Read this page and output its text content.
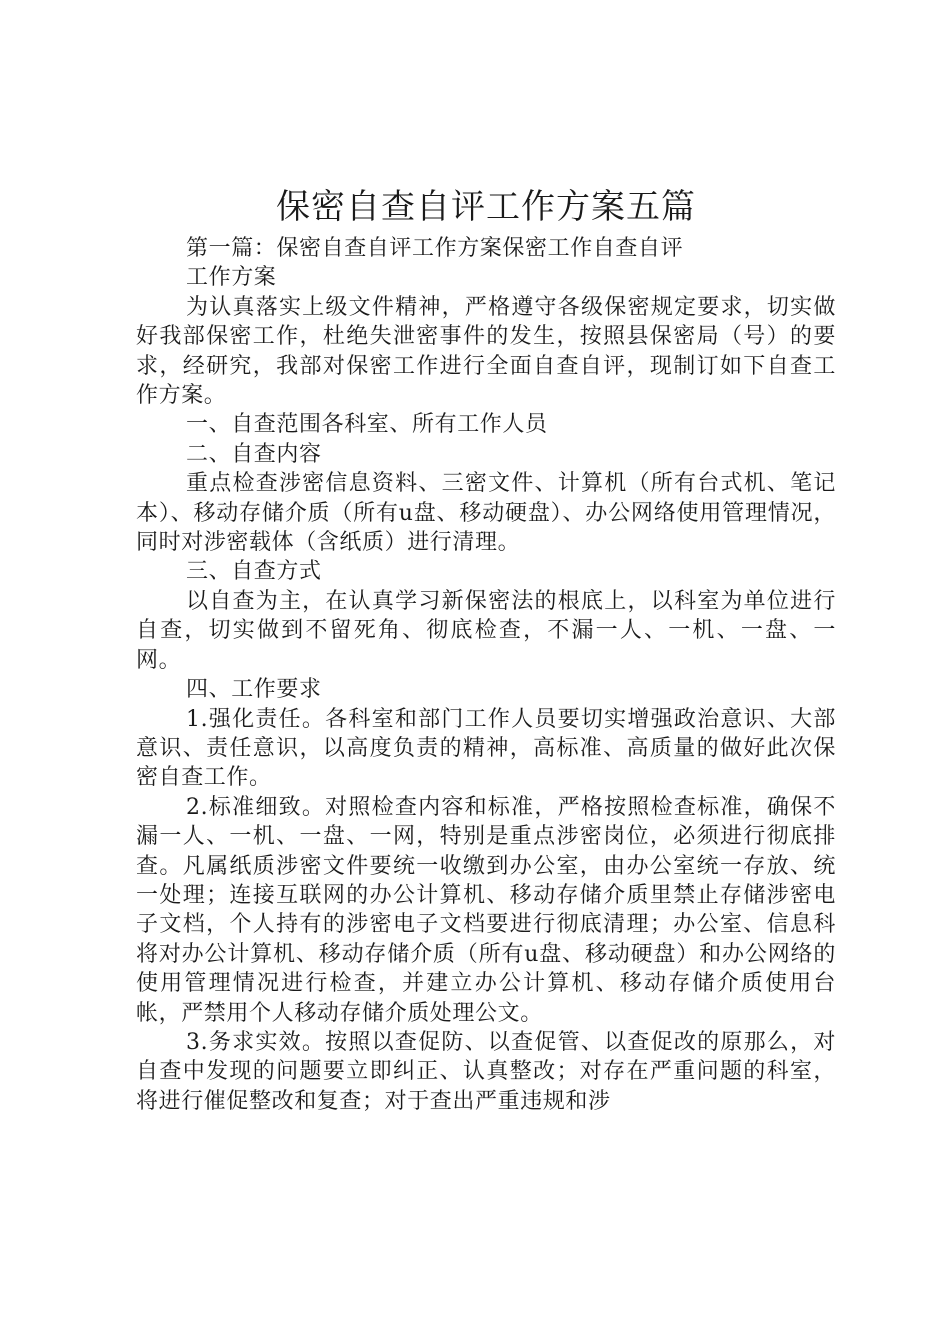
保密自查自评工作方案五篇

第一篇：保密自查自评工作方案保密工作自查自评

工作方案

为认真落实上级文件精神，严格遵守各级保密规定要求，切实做好我部保密工作，杜绝失泄密事件的发生，按照县保密局（号）的要求，经研究，我部对保密工作进行全面自查自评，现制订如下自查工作方案。

一、自查范围各科室、所有工作人员

二、自查内容

重点检查涉密信息资料、三密文件、计算机（所有台式机、笔记本）、移动存储介质（所有u盘、移动硬盘）、办公网络使用管理情况，同时对涉密载体（含纸质）进行清理。

三、自查方式

以自查为主，在认真学习新保密法的根底上，以科室为单位进行自查，切实做到不留死角、彻底检查，不漏一人、一机、一盘、一网。

四、工作要求

1.强化责任。各科室和部门工作人员要切实增强政治意识、大部意识、责任意识，以高度负责的精神，高标准、高质量的做好此次保密自查工作。

2.标准细致。对照检查内容和标准，严格按照检查标准，确保不漏一人、一机、一盘、一网，特别是重点涉密岗位，必须进行彻底排查。凡属纸质涉密文件要统一收缴到办公室，由办公室统一存放、统一处理；连接互联网的办公计算机、移动存储介质里禁止存储涉密电子文档，个人持有的涉密电子文档要进行彻底清理；办公室、信息科将对办公计算机、移动存储介质（所有u盘、移动硬盘）和办公网络的使用管理情况进行检查，并建立办公计算机、移动存储介质使用台帐，严禁用个人移动存储介质处理公文。

3.务求实效。按照以查促防、以查促管、以查促改的原那么，对自查中发现的问题要立即纠正、认真整改；对存在严重问题的科室，将进行催促整改和复查；对于查出严重违规和涉
